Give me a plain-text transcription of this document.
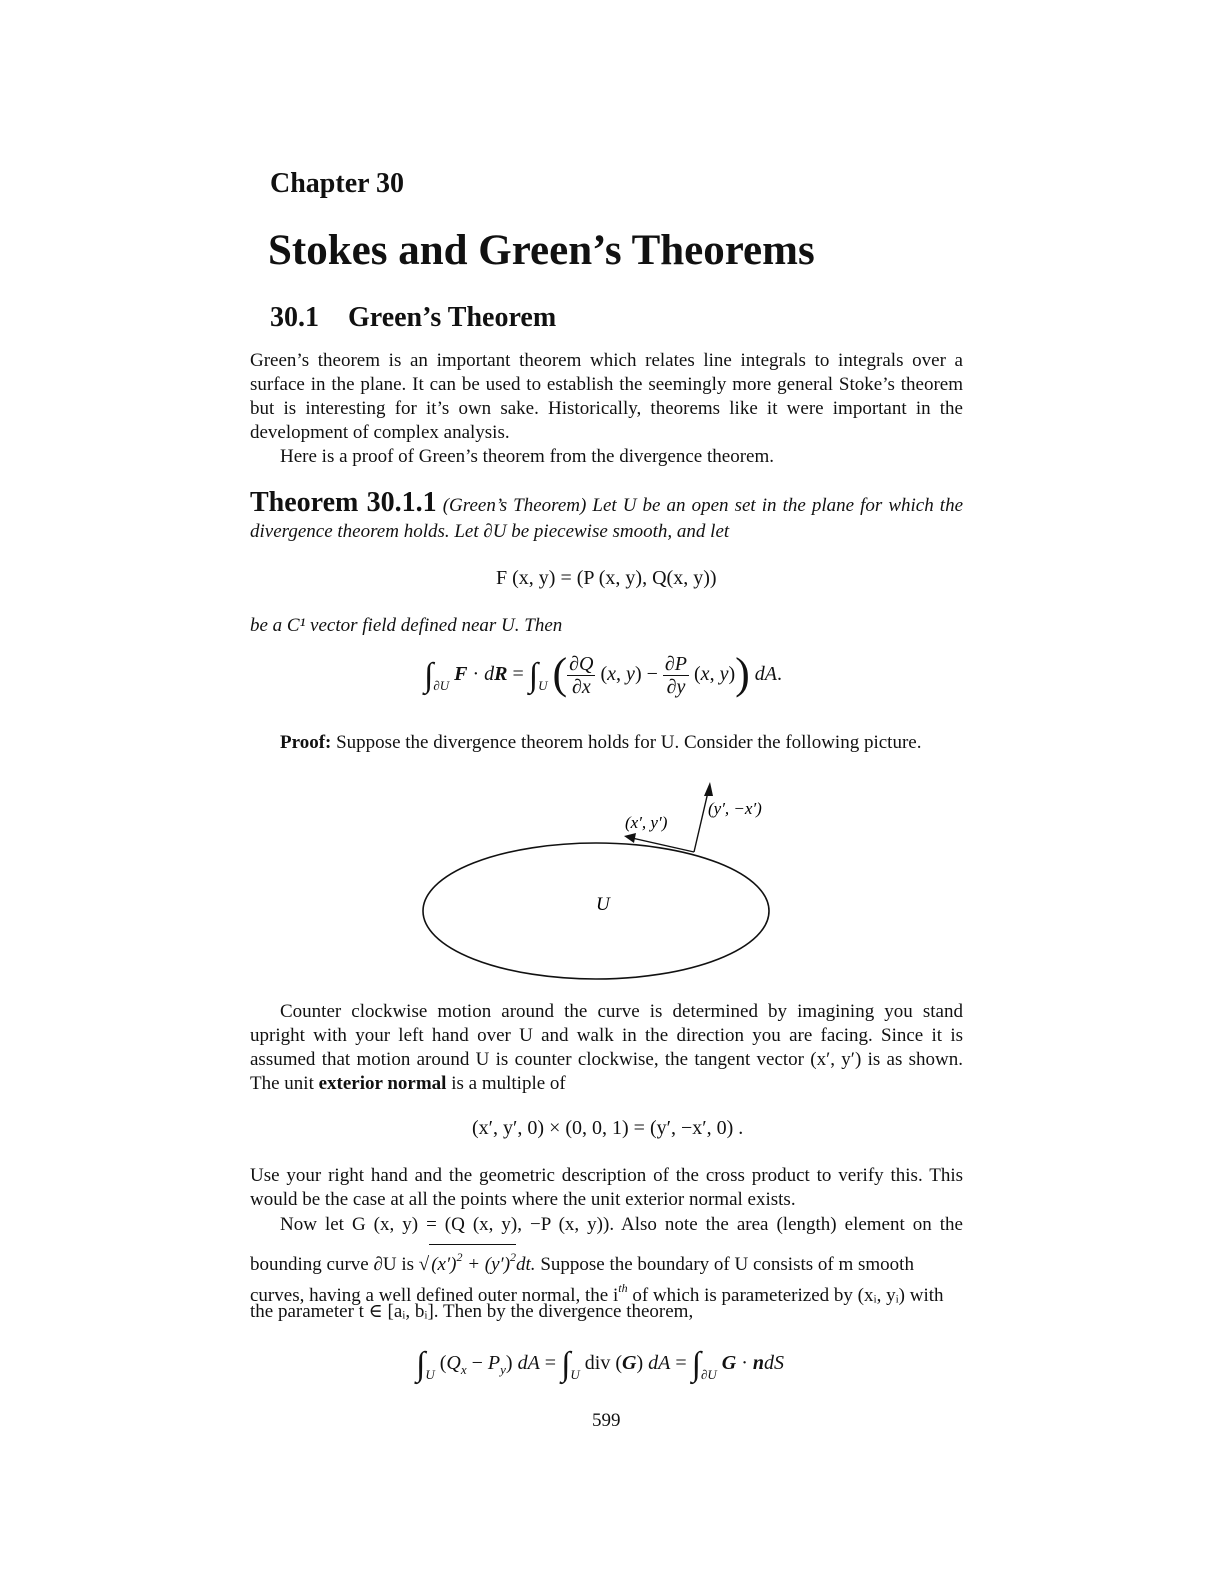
Chapter 30
Stokes and Green’s Theorems
30.1 Green’s Theorem
Green’s theorem is an important theorem which relates line integrals to integrals over a surface in the plane. It can be used to establish the seemingly more general Stoke’s theorem but is interesting for it’s own sake. Historically, theorems like it were important in the development of complex analysis.
Here is a proof of Green’s theorem from the divergence theorem.
Theorem 30.1.1 (Green’s Theorem) Let U be an open set in the plane for which the divergence theorem holds. Let ∂U be piecewise smooth, and let
F (x, y) = (P (x, y), Q(x, y))
be a C¹ vector field defined near U. Then
$\int_{\partial U}$ F · dR = $\int_U$ ( $\frac{\partial Q}{\partial x} (x$, $y) - \frac{\partial P}{\partial y} (x$, y)) dA.
Proof: Suppose the divergence theorem holds for U. Consider the following picture.
U
(x′, y′)
(y′, −x′)
Counter clockwise motion around the curve is determined by imagining you stand upright with your left hand over U and walk in the direction you are facing. Since it is assumed that motion around U is counter clockwise, the tangent vector (x′, y′) is as shown. The unit exterior normal is a multiple of
(x′, y′, 0) × (0, 0, 1) = (y′, −x′, 0) .
Use your right hand and the geometric description of the cross product to verify this. This would be the case at all the points where the unit exterior normal exists.
Now let G (x, y) = (Q (x, y), −P (x, y)). Also note the area (length) element on the
bounding curve ∂U is √ $(x')^2 + (y')^2dt$. Suppose the boundary of U consists of m smooth
curves, having a well defined outer normal, the $i^{th}$ of which is parameterized by (xᵢ, yᵢ) with
the parameter t ∈ [aᵢ, bᵢ]. Then by the divergence theorem,
$\int_U$ $(Q_x - P_y)$ dA = $\int_U$ div (G) dA = $\int_{\partial U}$ G · ndS
599
